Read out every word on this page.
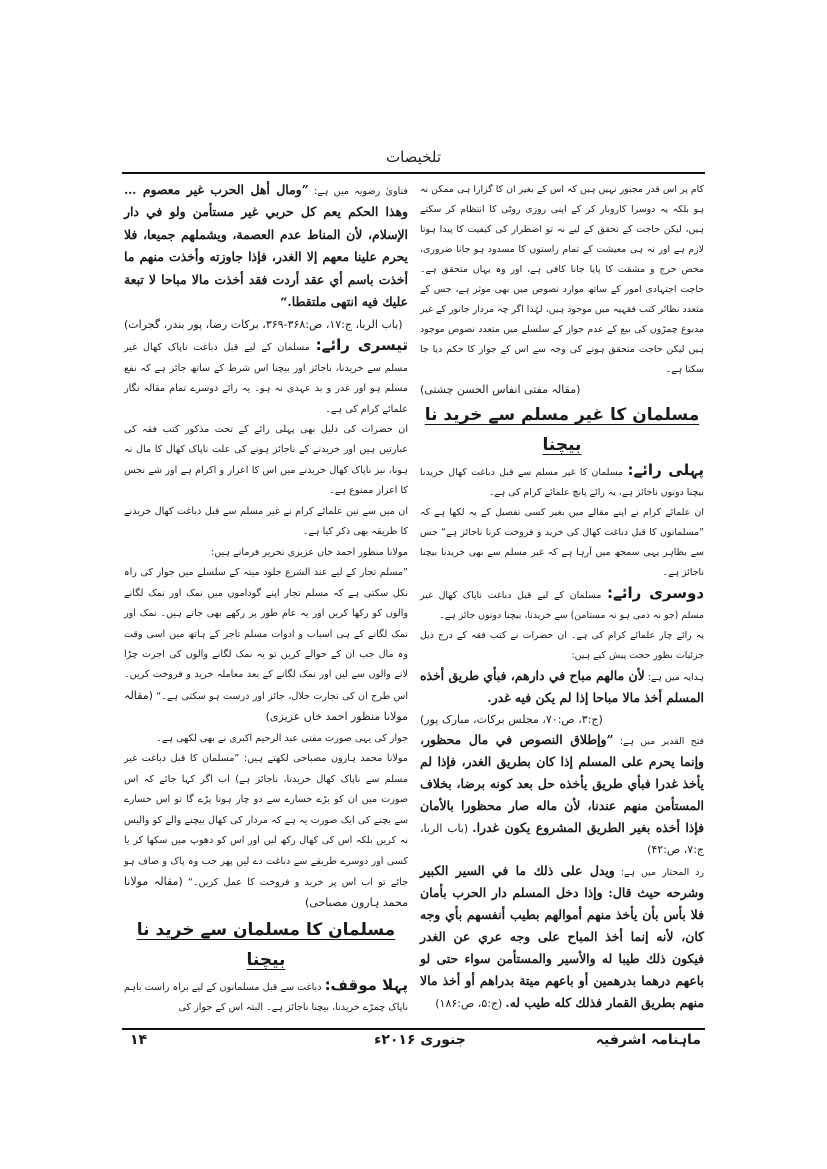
تلخیصات

کام پر اس قدر مجبور نہیں ہیں کہ اس کے بغیر ان کا گزارا ہی ممکن نہ ہو بلکہ یہ دوسرا کاروبار کر کے اپنی روزی روٹی کا انتظام کر سکتے ہیں، لیکن حاجت کے تحقق کے لیے نہ تو اضطرار کی کیفیت کا پیدا ہونا لازم ہے اور نہ ہی معیشت کے تمام راستوں کا مسدود ہو جانا ضروری، محض حرج و مشقت کا پایا جانا کافی ہے، اور وہ یہاں متحقق ہے۔ حاجت اجتہادی امور کے ساتھ موارد نصوص میں بھی موثر ہے، جس کے متعدد نظائر کتب فقہیہ میں موجود ہیں، لہٰذا اگر چہ مردار جانور کے غیر مدبوغ چمڑوں کی بیع کے عدم جواز کے سلسلے میں متعدد نصوص موجود ہیں لیکن حاجت متحقق ہونے کی وجہ سے اس کے جواز کا حکم دیا جا سکتا ہے۔

(مقالہ مفتی انفاس الحسن چشتی)

مسلمان کا غیر مسلم سے خرید نا بیچنا

پہلی رائے: مسلمان کا غیر مسلم سے قبل دباغت کھال خریدنا بیچنا دونوں ناجائز ہے، یہ رائے پانچ علمائے کرام کی ہے۔

ان علمائے کرام نے اپنے مقالے میں بغیر کسی تفصیل کے یہ لکھا ہے کہ ”مسلمانوں کا قبل دباغت کھال کی خرید و فروخت کرنا ناجائز ہے“ جس سے بظاہر یہی سمجھ میں آرہا ہے کہ غیر مسلم سے بھی خریدنا بیچنا ناجائز ہے۔

دوسری رائے: مسلمان کے لیے قبل دباغت ناپاک کھال غیر مسلم (جو نہ ذمی ہو نہ مستامن) سے خریدنا، بیچنا دونوں جائز ہے۔

یہ رائے چار علمائے کرام کی ہے۔ ان حضرات نے کتب فقہ کے درج ذیل جزئیات بطور حجت پیش کیے ہیں:

ہدایہ میں ہے: لأن مالهم مباح في دارهم، فبأي طريق أخذه المسلم أخذ مالا مباحا إذا لم يكن فيه غدر.

(ج:۳، ص:۷۰، مجلس برکات، مبارک پور)

فتح القدیر میں ہے: ”وإطلاق النصوص في مال محظور، وإنما يحرم على المسلم إذا كان بطريق الغدر، فإذا لم يأخذ غدرا فبأي طريق يأخذه حل بعد كونه برضا، بخلاف المستأمن منهم عندنا، لأن ماله صار محظورا بالأمان فإذا أخذه بغير الطريق المشروع يكون غدرا. (باب الربا، ج:۷، ص:۴۲)

رد المحتار میں ہے: ويدل على ذلك ما في السير الكبير وشرحه حيث قال: وإذا دخل المسلم دار الحرب بأمان فلا بأس بأن يأخذ منهم أموالهم بطيب أنفسهم بأي وجه كان، لأنه إنما أخذ المباح على وجه عري عن الغدر فيكون ذلك طيبا له والأسير والمستأمن سواء حتى لو باعهم درهما بدرهمين أو باعهم ميتة بدراهم أو أخذ مالا منهم بطريق القمار فذلك كله طيب له. (ج:۵، ص:۱۸۶)

فتاویٰ رضویہ میں ہے: ”ومال أهل الحرب غير معصوم … وهذا الحكم يعم كل حربي غير مستأمن ولو في دار الإسلام، لأن المناط عدم العصمة، ويشملهم جميعا، فلا يحرم علينا معهم إلا الغدر، فإذا جاوزته وأخذت منهم ما أخذت باسم أي عقد أردت فقد أخذت مالا مباحا لا تبعة عليك فيه انتهى ملتقطا.“

(باب الربا، ج:۱۷، ص:۳۶۸-۳۶۹، برکات رضا، پور بندر، گجرات)

تیسری رائے: مسلمان کے لیے قبل دباغت ناپاک کھال غیر مسلم سے خریدنا، ناجائز اور بیچنا اس شرط کے ساتھ جائز ہے کہ نفع مسلم ہو اور غدر و بد عہدی نہ ہو۔ یہ رائے دوسرے تمام مقالہ نگار علمائے کرام کی ہے۔

ان حضرات کی دلیل بھی پہلی رائے کے تحت مذکور کتب فقہ کی عبارتیں ہیں اور خریدنے کے ناجائز ہونے کی علت ناپاک کھال کا مال نہ ہونا، نیز ناپاک کھال خریدنے میں اس کا اعزاز و اکرام ہے اور شے نجس کا اعزاز ممنوع ہے۔

ان میں سے تین علمائے کرام نے غیر مسلم سے قبل دباغت کھال خریدنے کا طریقہ بھی ذکر کیا ہے۔

مولانا منظور احمد خاں عزیزی تحریر فرماتے ہیں:

”مسلم تجار کے لیے عند الشرع جلود میتہ کے سلسلے میں جواز کی راہ نکل سکتی ہے کہ مسلم تجار اپنے گوداموں میں نمک اور نمک لگانے والوں کو رکھا کریں اور یہ عام طور پر رکھے بھی جاتے ہیں۔ نمک اور نمک لگانے کے ہی اسباب و ادوات مسلم تاجر کے ہاتھ میں اسی وقت وہ مال جب ان کے حوالے کریں تو یہ نمک لگانے والوں کی اجرت چڑا لانے والوں سے لیں اور نمک لگانے کے بعد معاملہ خرید و فروخت کریں۔ اس طرح ان کی تجارت حلال، جائز اور درست ہو سکتی ہے۔“ (مقالہ مولانا منظور احمد خاں عزیزی)

جواز کی یہی صورت مفتی عبد الرحیم اکبری نے بھی لکھی ہے۔

مولانا محمد ہارون مصباحی لکھتے ہیں: ”مسلمان کا قبل دباغت غیر مسلم سے ناپاک کھال خریدنا، ناجائز ہے) اب اگر کہا جائے کہ اس صورت میں ان کو بڑے خسارے سے دو چار ہونا پڑے گا تو اس خسارے سے بچنے کی ایک صورت یہ ہے کہ مردار کی کھال بیچنے والے کو والیس نہ کریں بلکہ اس کی کھال رکھ لیں اور اس کو دھوپ میں سکھا کر یا کسی اور دوسرے طریقے سے دباغت دے لیں پھر جب وہ پاک و صاف ہو جائے تو اب اس پر خرید و فروخت کا عمل کریں۔“ (مقالہ مولانا محمد ہارون مصباحی)

مسلمان کا مسلمان سے خرید نا بیچنا

پہلا موقف: دباغت سے قبل مسلمانوں کے لیے براہ راست باہم ناپاک چمڑے خریدنا، بیچنا ناجائز ہے۔ البتہ اس کے جواز کی

ماہنامہ اشرفیہ
جنوری ۲۰۱۶ء
۱۴
